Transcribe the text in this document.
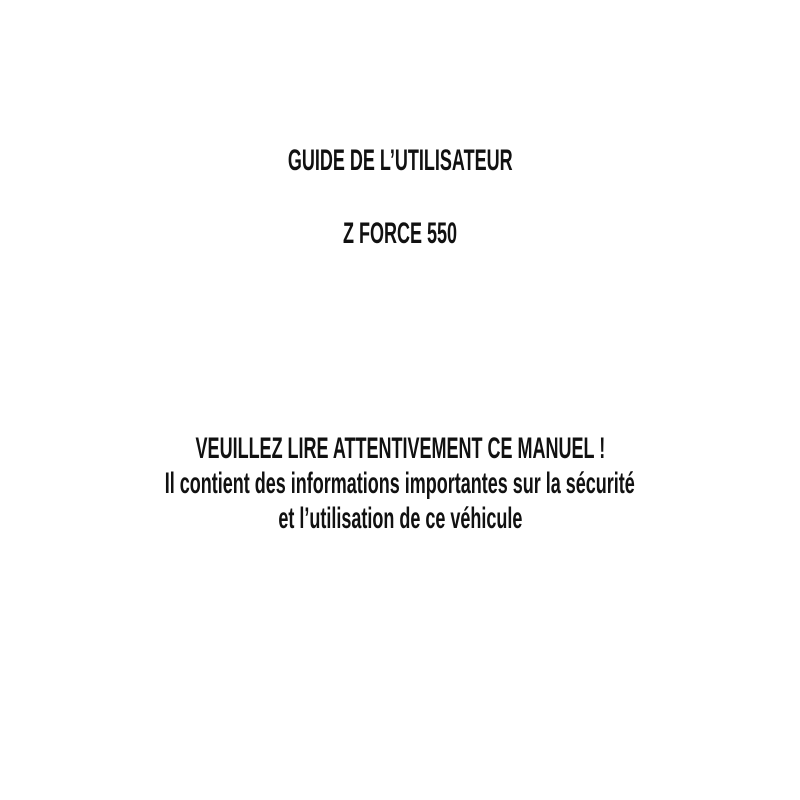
GUIDE DE L’UTILISATEUR
Z FORCE 550
VEUILLEZ LIRE ATTENTIVEMENT CE MANUEL !
Il contient des informations importantes sur la sécurité
et l’utilisation de ce véhicule
